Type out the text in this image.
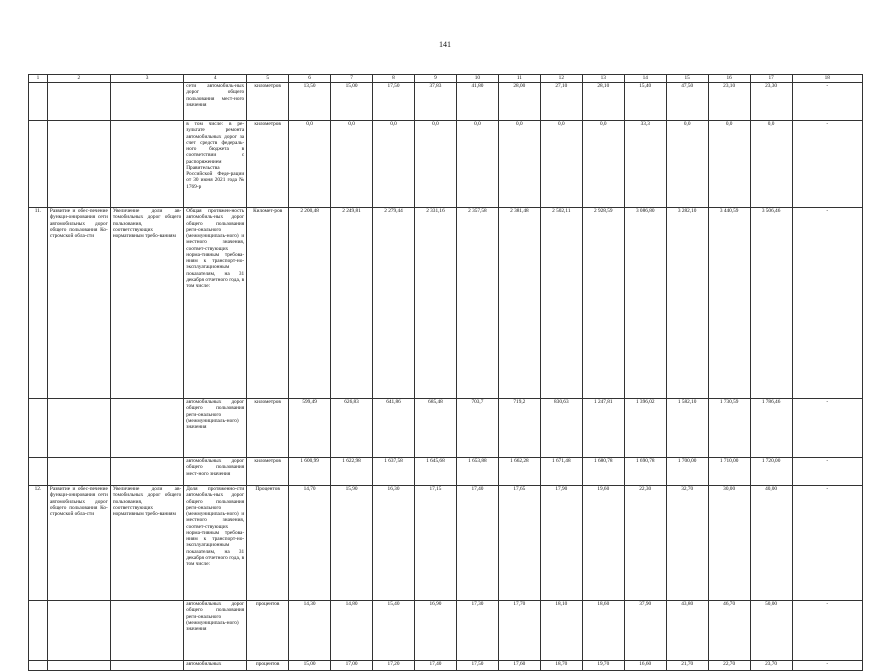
141
1	2	3	4	5	6	7	8	9	10	11	12	13	14	15	16	17	18
			сети автомобиль-ных дорог общего пользования мест-ного значения	километров	13,50	15,00	17,50	37,83	41,80	28,00	27,10	28,10	15,40	47,50	23,10	23,30	-
			в том числе: в ре-зультате ремонта автомобильных дорог за счет средств федераль-ного бюджета в соответствии с распоряжением Правительства Российской Феде-рации от 30 июня 2021 года № 1769-р	километров	0,0	0,0	0,0	0,0	0,0	0,0	0,0	0,0	33,3	0,0	0,0	0,0	-
11.	Развитие и обес-печение функци-онирования сети автомобильных дорог общего пользования Ко-стромской обла-сти	Увеличение доли ав-томобильных дорог общего пользования, соответствующих нормативным требо-ваниям	Общая протяжен-ность автомобиль-ных дорог общего пользования реги-онального (межмуниципаль-ного) и местного значения, соответ-ствующих норма-тивным требова-ниям к транспорт-но-эксплуатационным показателям, на 31 декабря отчетного года, в том числе:	Километ-ров	2 200,48	2 249,81	2 279,44	2 331,16	2 357,58	2 381,48	2 502,11	2 928,59	3 086,80	3 282,10	3 440,59	3 506,46	-
			автомобильных дорог общего пользования реги-онального (межмуниципаль-ного) значения	километров	599,49	626,83	641,86	685,48	703,7	719,2	830,63	1 247,81	1 396,02	1 582,10	1 730,59	1 786,46	-
			автомобильных дорог общего пользования мест-ного значения	километров	1 600,99	1 622,98	1 637,58	1 645,68	1 653,88	1 662,28	1 671,48	1 680,78	1 690,78	1 700,00	1 710,00	1 720,00	-
12.	Развитие и обес-печение функци-онирования сети автомобильных дорог общего пользования Ко-стромской обла-сти	Увеличение доли ав-томобильных дорог общего пользования, соответствующих нормативным требо-ваниям	Доля протяженно-сти автомобиль-ных дорог общего пользования реги-онального (межмуниципаль-ного) и местного значения, соответ-ствующих норма-тивным требова-ниям к транспорт-но-эксплуатационным показателям, на 31 декабря отчетного года, в том числе:	Процентов	14,70	15,90	16,30	17,15	17,40	17,65	17,90	19,60	22,30	32,70	30,00	40,00	-
			автомобильных дорог общего пользования реги-онального (межмуниципаль-ного) значения	процентов	14,30	14,80	15,40	16,90	17,30	17,70	18,10	18,60	37,90	43,80	46,70	50,00	-
			автомобильных	процентов	15,00	17,00	17,20	17,40	17,50	17,60	18,70	19,70	16,60	21,70	22,70	23,70	-
